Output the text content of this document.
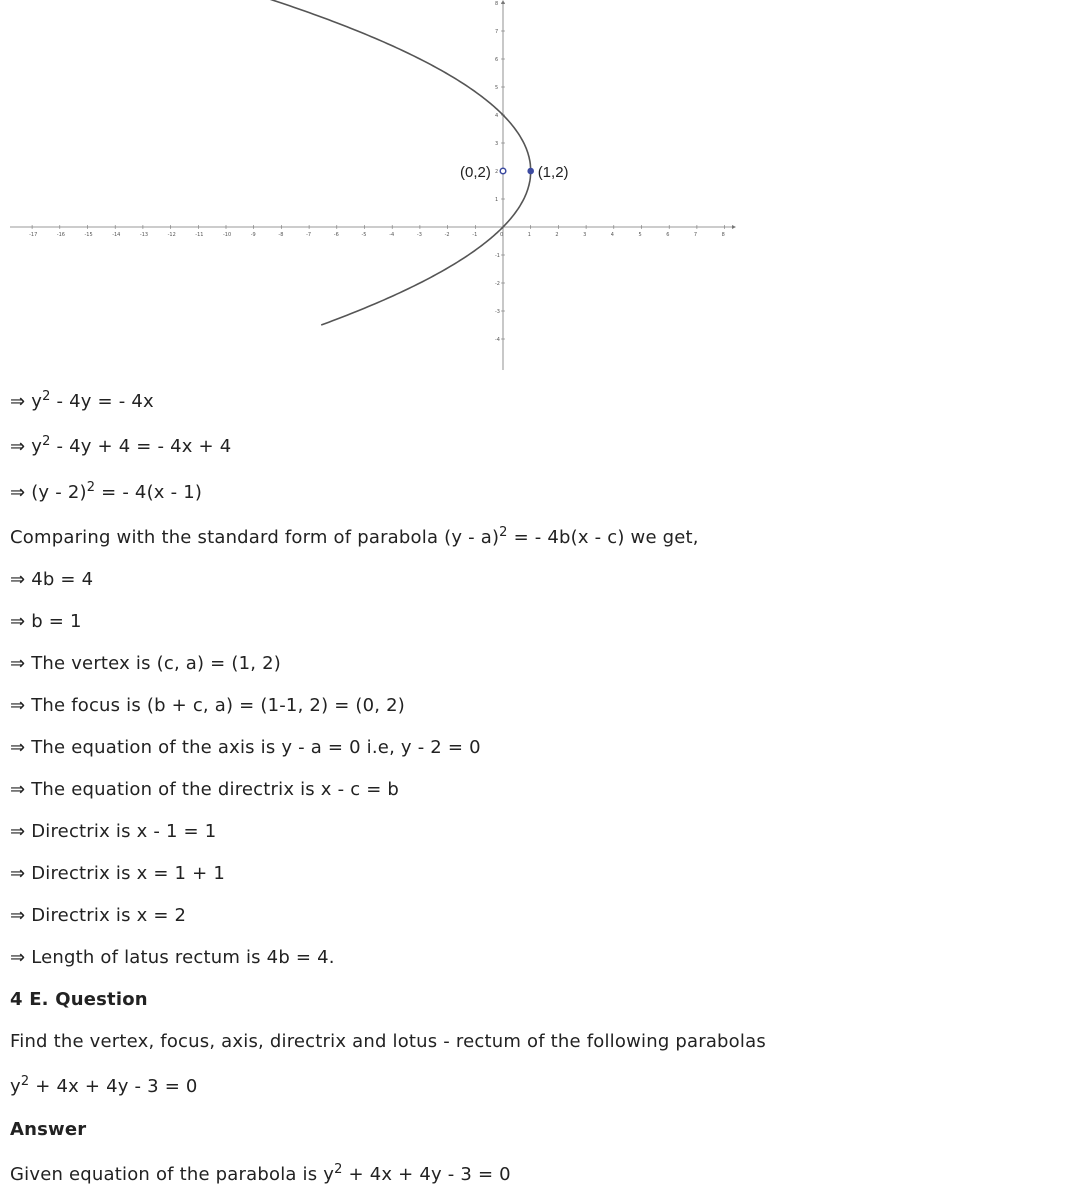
-17	-16	-15	-14	-13	-12	-11	-10	-9	-8	-7	-6	-5	-4	-3	-2	-1	0	1	2	3	4	5	6	7	8
1
2
3
4
5
6
7
8
-1
-2
-3
-4
(0,2)	(1,2)
⇒ $y^2 - 4y$ = - 4x
⇒ $y^2 - 4y + 4$ = - 4x + 4
⇒ (y - 2)$^2$ = - 4(x - 1)
Comparing with the standard form of parabola (y - a)$^2$ = - 4b(x - c) we get,
⇒ 4b = 4
⇒ b = 1
⇒ The vertex is (c, a) = (1, 2)
⇒ The focus is (b + c, a) = (1-1, 2) = (0, 2)
⇒ The equation of the axis is y - a = 0 i.e, y - 2 = 0
⇒ The equation of the directrix is x - c = b
⇒ Directrix is x - 1 = 1
⇒ Directrix is x = 1 + 1
⇒ Directrix is x = 2
⇒ Length of latus rectum is 4b = 4.
4 E. Question
Find the vertex, focus, axis, directrix and lotus - rectum of the following parabolas
$y^2 + 4x + 4y - 3 = 0$
Answer
Given equation of the parabola is $y^2 + 4x + 4y - 3 = 0$
